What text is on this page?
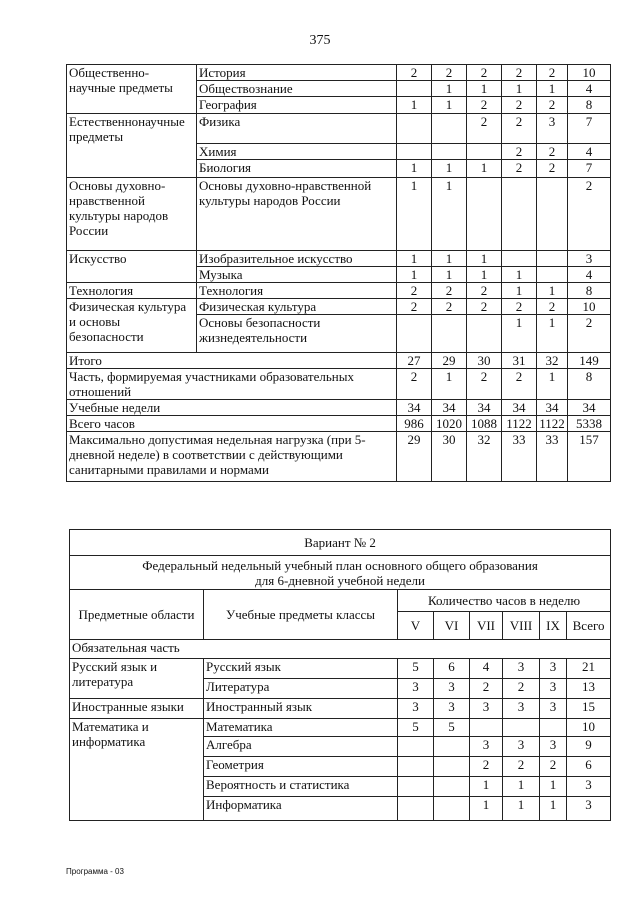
375
Общественно-научные предметы	История	2	2	2	2	2	10
	Обществознание		1	1	1	1	4
	География	1	1	2	2	2	8
Естественнонаучные предметы	Физика			2	2	3	7
	Химия				2	2	4
	Биология	1	1	1	2	2	7
Основы духовно-нравственной культуры народов России	Основы духовно-нравственной культуры народов России	1	1				2
Искусство	Изобразительное искусство	1	1	1			3
	Музыка	1	1	1	1		4
Технология	Технология	2	2	2	1	1	8
Физическая культура и основы безопасности	Физическая культура	2	2	2	2	2	10
	Основы безопасности жизнедеятельности				1	1	2
Итого		27	29	30	31	32	149
Часть, формируемая участниками образовательных отношений		2	1	2	2	1	8
Учебные недели		34	34	34	34	34	34
Всего часов		986	1020	1088	1122	1122	5338
Максимально допустимая недельная нагрузка (при 5-дневной неделе) в соответствии с действующими санитарными правилами и нормами		29	30	32	33	33	157
Вариант № 2							

Федеральный недельный учебный план основного общего образования
для 6-дневной учебной недели							

Предметные области	Учебные предметы классы	Количество часов в неделю					
		V	VI	VII	VIII	IX	Всего
Обязательная часть							
Русский язык и литература	Русский язык	5	6	4	3	3	21
	Литература	3	3	2	2	3	13
Иностранные языки	Иностранный язык	3	3	3	3	3	15
Математика и информатика	Математика	5	5				10
	Алгебра			3	3	3	9
	Геометрия			2	2	2	6
	Вероятность и статистика			1	1	1	3
	Информатика			1	1	1	3
Программа - 03
